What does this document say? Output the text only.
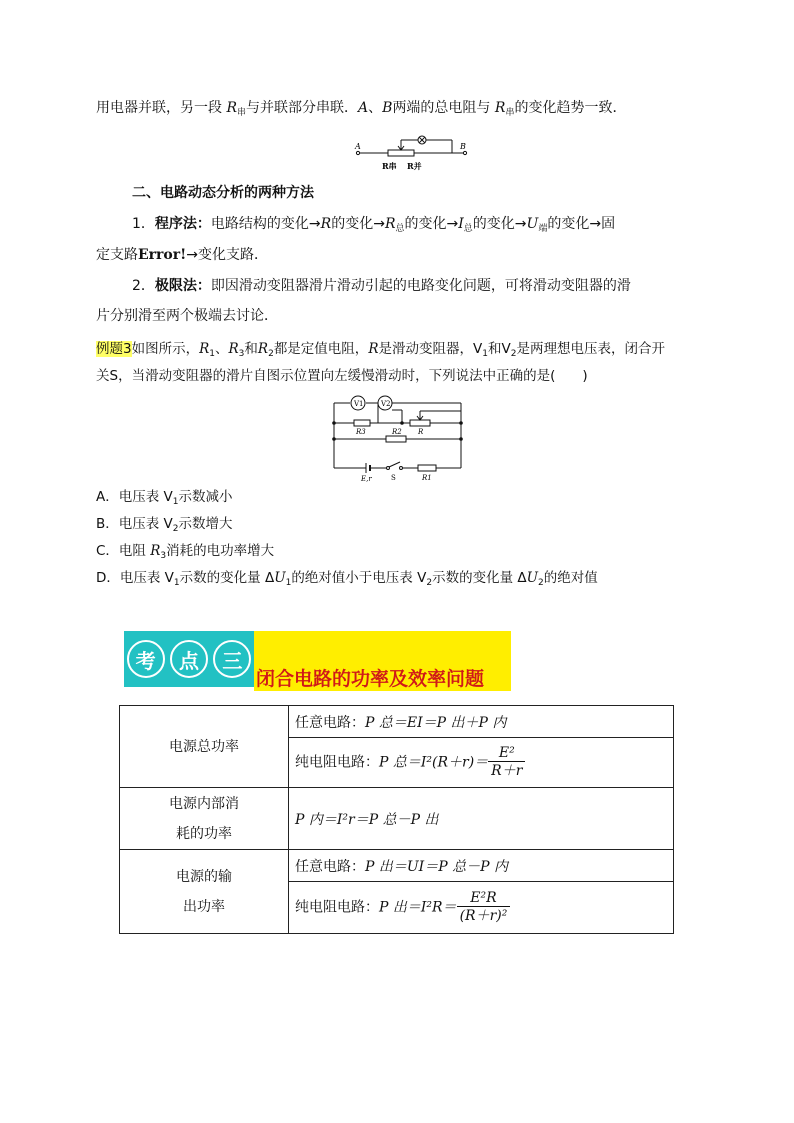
用电器并联，另一段 $R_串$与并联部分串联．A、B两端的总电阻与 $R_串$的变化趋势一致．
A	B
R串 R并
二、电路动态分析的两种方法
1．程序法：电路结构的变化→R的变化$\to R_总$的变化$\to I_总$的变化$\to U_端$的变化→固
定支路Error!→变化支路．
2．极限法：即因滑动变阻器滑片滑动引起的电路变化问题，可将滑动变阻器的滑
片分别滑至两个极端去讨论．
例题3如图所示，$R_1$、$R_3$和$R_2$都是定值电阻，R是滑动变阻器，$V_1$和$V_2$是两理想电压表，闭合开
关S，当滑动变阻器的滑片自图示位置向左缓慢滑动时，下列说法中正确的是(　　)
V1 V2
R3	R2 R
E,r	S	R1
A．电压表 $V_1$示数减小
B．电压表 $V_2$示数增大
C．电阻 $R_3$消耗的电功率增大
D．电压表 $V_1$示数的变化量 $\Delta U_1$的绝对值小于电压表 $V_2$示数的变化量 $\Delta U_2$的绝对值
考 点 三
闭合电路的功率及效率问题
电源总功率	任意电路：P 总＝EI＝P 出＋P 内
	纯电阻电路：P 总$=I^2(R+r)= \frac{\text{E²}}{R+r}$

电源内部消
耗的功率	P 内＝I²r＝P 总－P 出

电源的输
出功率	任意电路：P 出＝UI＝P 总－P 内
	纯电阻电路：P 出$=I^2R= \frac{\text{E²R}}{\text{(R＋r)²}}$
